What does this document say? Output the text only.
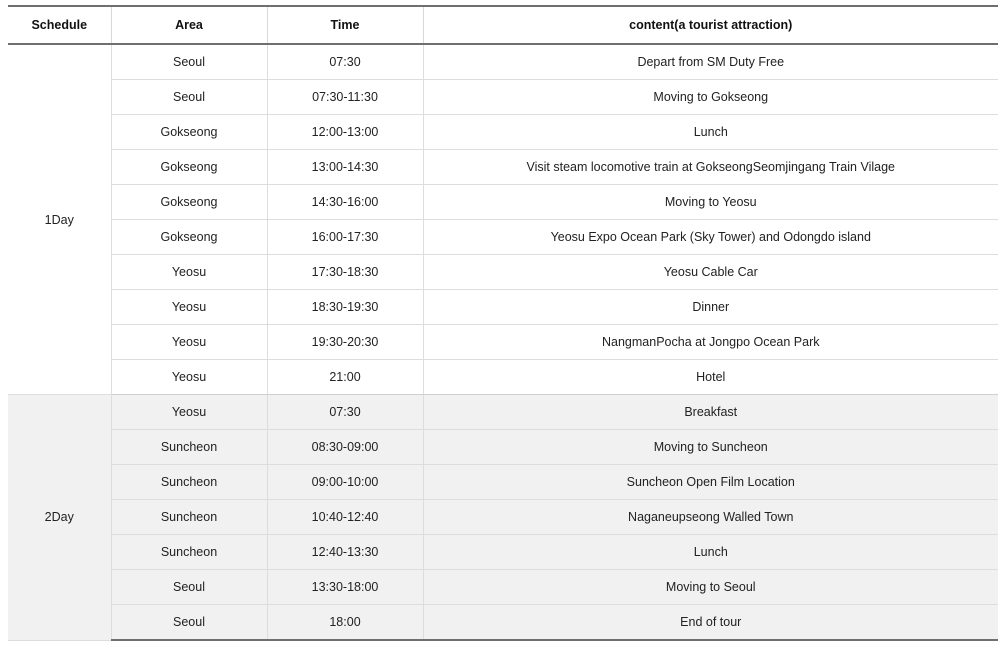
Schedule	Area	Time	content(a tourist attraction)
1Day	Seoul	07:30	Depart from SM Duty Free
	Seoul	07:30-11:30	Moving to Gokseong
	Gokseong	12:00-13:00	Lunch
	Gokseong	13:00-14:30	Visit steam locomotive train at GokseongSeomjingang Train Vilage
	Gokseong	14:30-16:00	Moving to Yeosu
	Gokseong	16:00-17:30	Yeosu Expo Ocean Park (Sky Tower) and Odongdo island
	Yeosu	17:30-18:30	Yeosu Cable Car
	Yeosu	18:30-19:30	Dinner
	Yeosu	19:30-20:30	NangmanPocha at Jongpo Ocean Park
	Yeosu	21:00	Hotel
2Day	Yeosu	07:30	Breakfast
	Suncheon	08:30-09:00	Moving to Suncheon
	Suncheon	09:00-10:00	Suncheon Open Film Location
	Suncheon	10:40-12:40	Naganeupseong Walled Town
	Suncheon	12:40-13:30	Lunch
	Seoul	13:30-18:00	Moving to Seoul
	Seoul	18:00	End of tour
